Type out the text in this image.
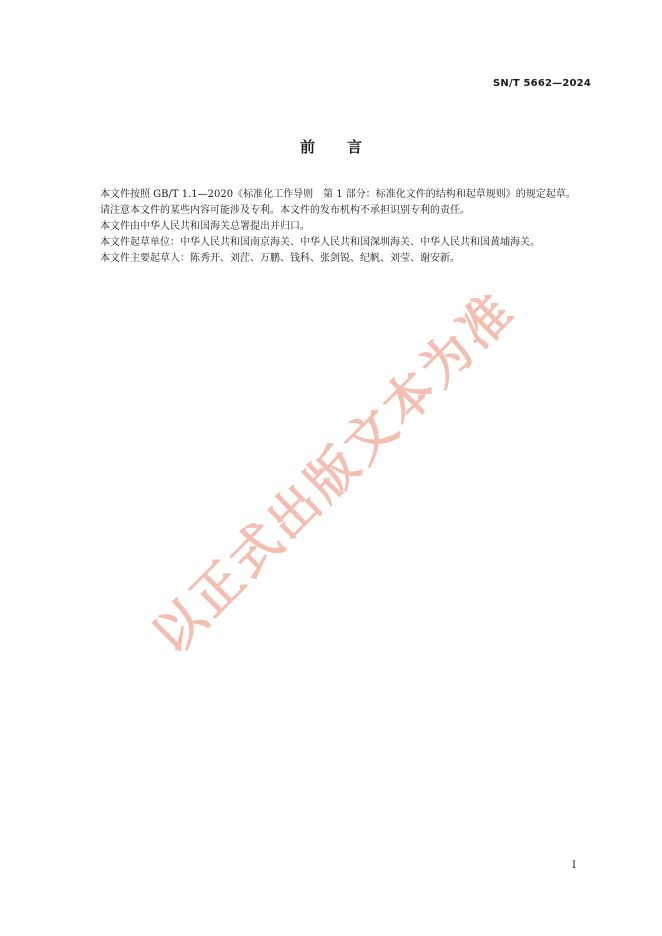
SN/T 5662—2024
前言

本文件按照 GB/T 1.1—2020《标准化工作导则　第 1 部分：标准化文件的结构和起草规则》的规定起草。

请注意本文件的某些内容可能涉及专利。本文件的发布机构不承担识别专利的责任。

本文件由中华人民共和国海关总署提出并归口。

本文件起草单位：中华人民共和国南京海关、中华人民共和国深圳海关、中华人民共和国黄埔海关。

本文件主要起草人：陈秀开、刘茳、万鹏、钱科、张剑锐、纪帆、刘莹、谢安新。

以正式出版文本为准
I
